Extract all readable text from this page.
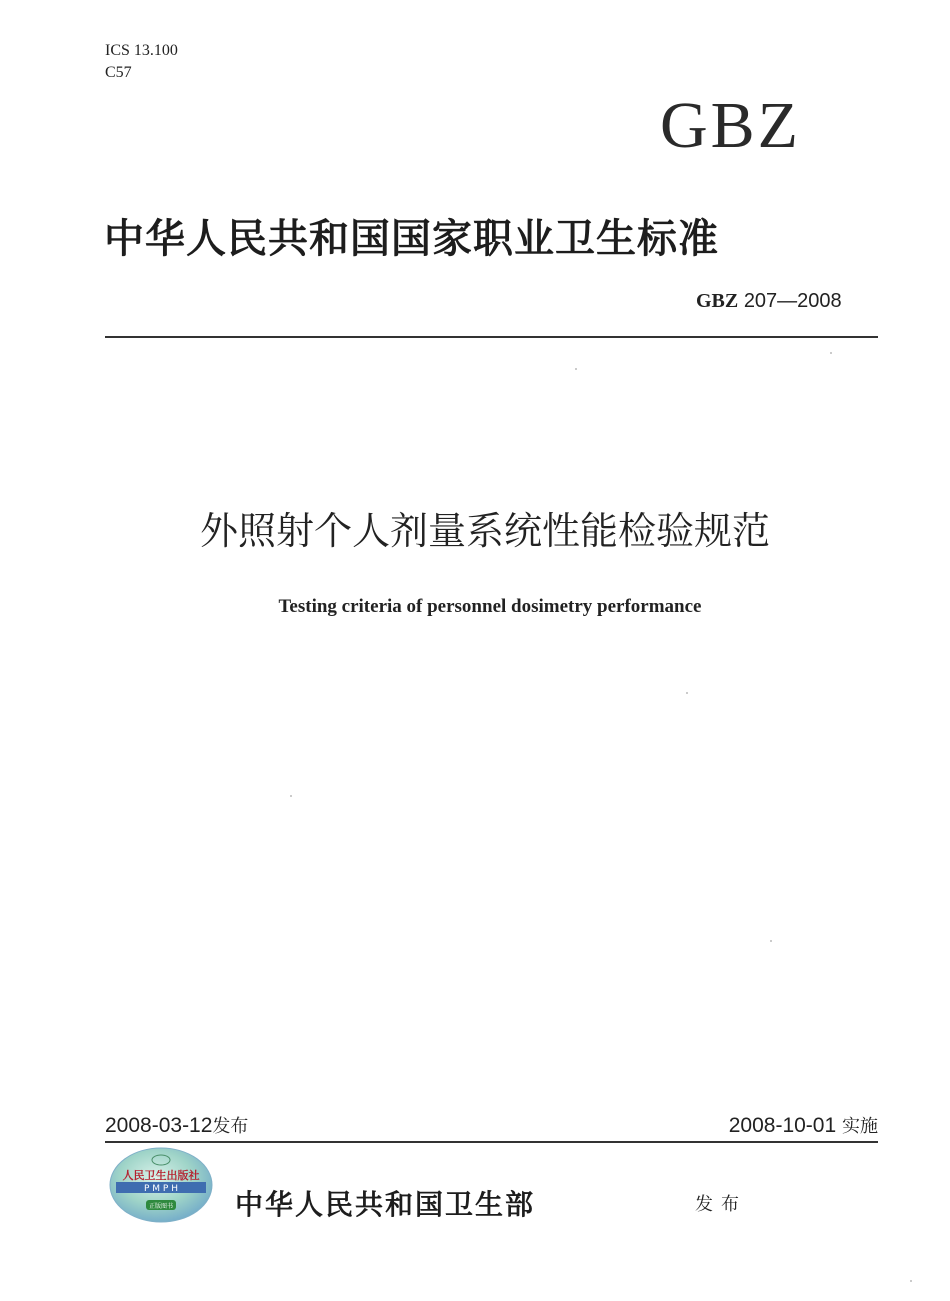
ICS 13.100
C57
GBZ
中华人民共和国国家职业卫生标准
GBZ 207—2008
外照射个人剂量系统性能检验规范
Testing criteria of personnel dosimetry performance
2008-03-12发布	2008-10-01 实施
人民卫生出版社
P M P H
正版图书 中华人民共和国卫生部	发布
